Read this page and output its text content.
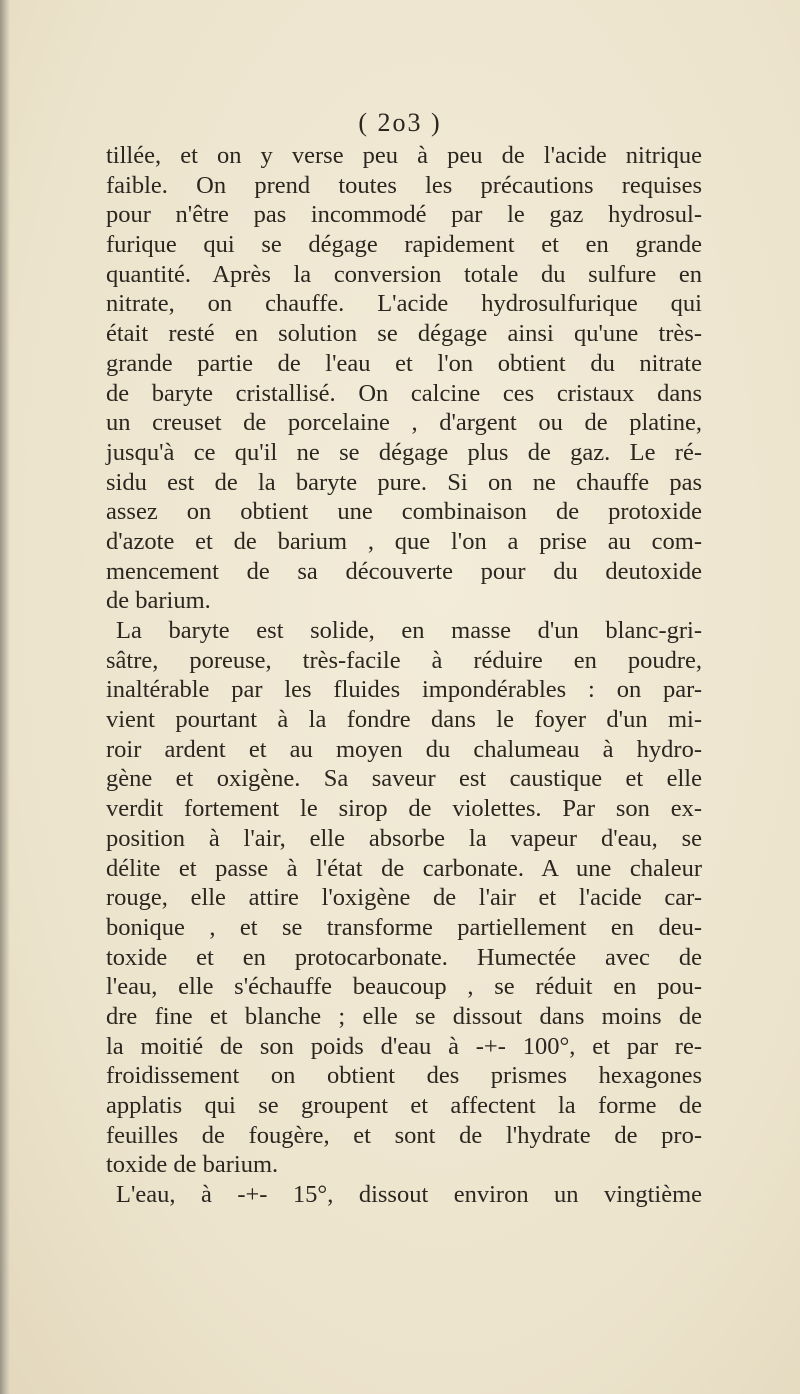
( 2o3 )
tillée, et on y verse peu à peu de l'acide nitrique
faible. On prend toutes les précautions requises
pour n'être pas incommodé par le gaz hydrosul-
furique qui se dégage rapidement et en grande
quantité. Après la conversion totale du sulfure en
nitrate, on chauffe. L'acide hydrosulfurique qui
était resté en solution se dégage ainsi qu'une très-
grande partie de l'eau et l'on obtient du nitrate
de baryte cristallisé. On calcine ces cristaux dans
un creuset de porcelaine , d'argent ou de platine,
jusqu'à ce qu'il ne se dégage plus de gaz. Le ré-
sidu est de la baryte pure. Si on ne chauffe pas
assez on obtient une combinaison de protoxide
d'azote et de barium , que l'on a prise au com-
mencement de sa découverte pour du deutoxide
de barium.
La baryte est solide, en masse d'un blanc-gri-
sâtre, poreuse, très-facile à réduire en poudre,
inaltérable par les fluides impondérables : on par-
vient pourtant à la fondre dans le foyer d'un mi-
roir ardent et au moyen du chalumeau à hydro-
gène et oxigène. Sa saveur est caustique et elle
verdit fortement le sirop de violettes. Par son ex-
position à l'air, elle absorbe la vapeur d'eau, se
délite et passe à l'état de carbonate. A une chaleur
rouge, elle attire l'oxigène de l'air et l'acide car-
bonique , et se transforme partiellement en deu-
toxide et en protocarbonate. Humectée avec de
l'eau, elle s'échauffe beaucoup , se réduit en pou-
dre fine et blanche ; elle se dissout dans moins de
la moitié de son poids d'eau à -+- 100°, et par re-
froidissement on obtient des prismes hexagones
applatis qui se groupent et affectent la forme de
feuilles de fougère, et sont de l'hydrate de pro-
toxide de barium.
L'eau, à -+- 15°, dissout environ un vingtième
